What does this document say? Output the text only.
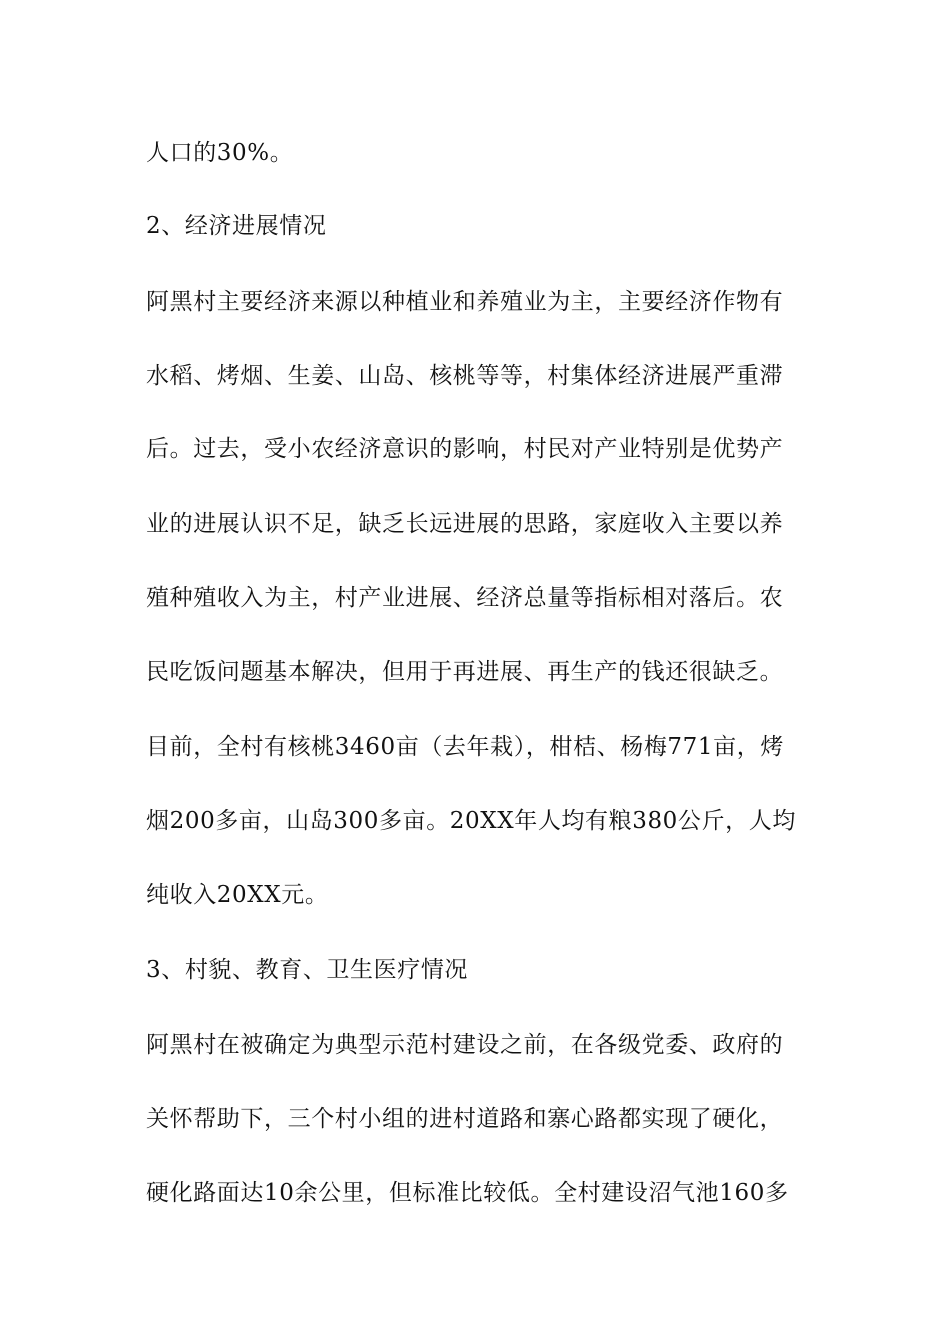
人口的30%。
2、经济进展情况
阿黑村主要经济来源以种植业和养殖业为主，主要经济作物有
水稻、烤烟、生姜、山岛、核桃等等，村集体经济进展严重滞
后。过去，受小农经济意识的影响，村民对产业特别是优势产
业的进展认识不足，缺乏长远进展的思路，家庭收入主要以养
殖种殖收入为主，村产业进展、经济总量等指标相对落后。农
民吃饭问题基本解决，但用于再进展、再生产的钱还很缺乏。
目前，全村有核桃3460亩（去年栽），柑桔、杨梅771亩，烤
烟200多亩，山岛300多亩。20XX年人均有粮380公斤，人均
纯收入20XX元。
3、村貌、教育、卫生医疗情况
阿黑村在被确定为典型示范村建设之前，在各级党委、政府的
关怀帮助下，三个村小组的进村道路和寨心路都实现了硬化，
硬化路面达10余公里，但标准比较低。全村建设沼气池160多
